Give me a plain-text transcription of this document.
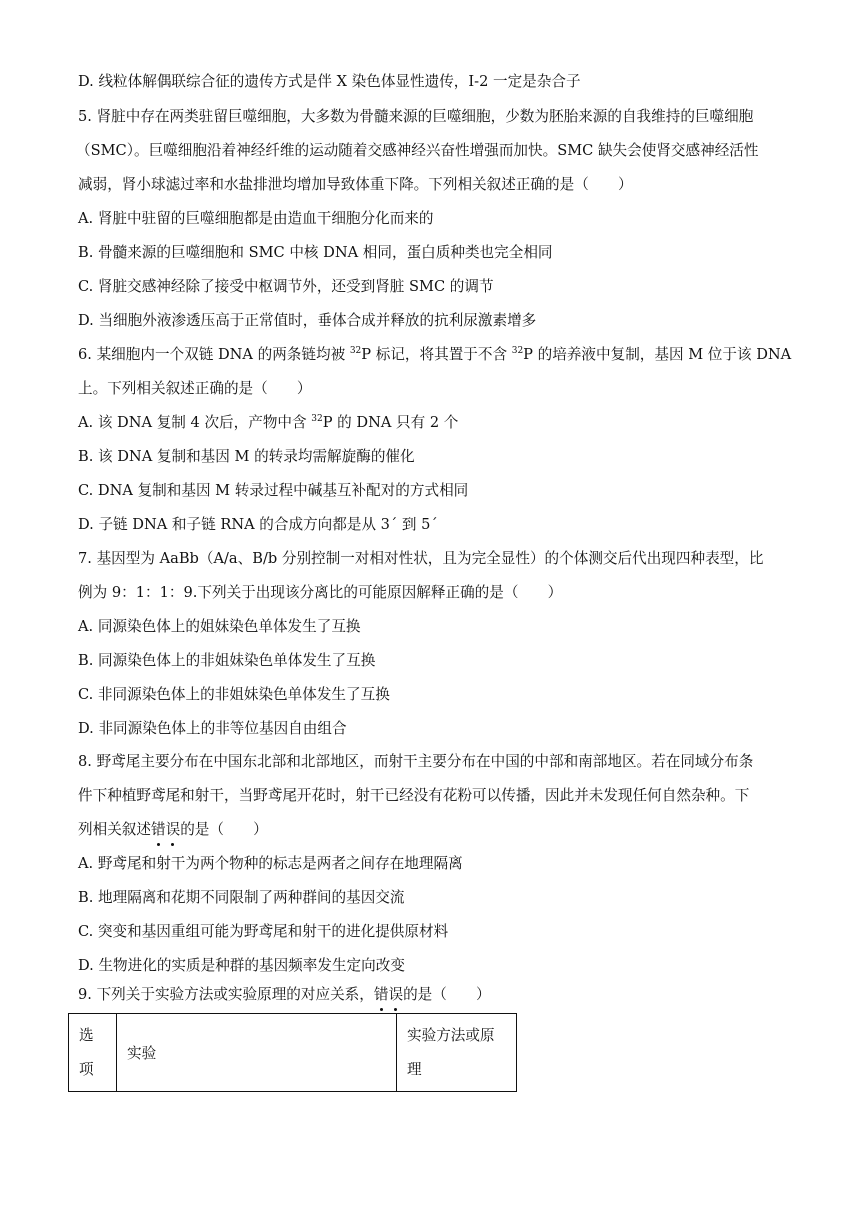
D. 线粒体解偶联综合征的遗传方式是伴 X 染色体显性遗传，Ⅰ-2 一定是杂合子
5. 肾脏中存在两类驻留巨噬细胞，大多数为骨髓来源的巨噬细胞，少数为胚胎来源的自我维持的巨噬细胞
（SMC）。巨噬细胞沿着神经纤维的运动随着交感神经兴奋性增强而加快。SMC 缺失会使肾交感神经活性
减弱，肾小球滤过率和水盐排泄均增加导致体重下降。下列相关叙述正确的是（　　）
A. 肾脏中驻留的巨噬细胞都是由造血干细胞分化而来的
B. 骨髓来源的巨噬细胞和 SMC 中核 DNA 相同，蛋白质种类也完全相同
C. 肾脏交感神经除了接受中枢调节外，还受到肾脏 SMC 的调节
D. 当细胞外液渗透压高于正常值时，垂体合成并释放的抗利尿激素增多
6. 某细胞内一个双链 DNA 的两条链均被 $^{32}$P 标记，将其置于不含 $^{32}$P 的培养液中复制，基因 M 位于该 DNA
上。下列相关叙述正确的是（　　）
A. 该 DNA 复制 4 次后，产物中含 $^{32}$P 的 DNA 只有 2 个
B. 该 DNA 复制和基因 M 的转录均需解旋酶的催化
C. DNA 复制和基因 M 转录过程中碱基互补配对的方式相同
D. 子链 DNA 和子链 RNA 的合成方向都是从 3´ 到 5´
7. 基因型为 AaBb（A/a、B/b 分别控制一对相对性状，且为完全显性）的个体测交后代出现四种表型，比
例为 9：1：1：9.下列关于出现该分离比的可能原因解释正确的是（　　）
A. 同源染色体上的姐妹染色单体发生了互换
B. 同源染色体上的非姐妹染色单体发生了互换
C. 非同源染色体上的非姐妹染色单体发生了互换
D. 非同源染色体上的非等位基因自由组合
8. 野鸢尾主要分布在中国东北部和北部地区，而射干主要分布在中国的中部和南部地区。若在同域分布条
件下种植野鸢尾和射干，当野鸢尾开花时，射干已经没有花粉可以传播，因此并未发现任何自然杂种。下
列相关叙述错误的是（　　）
A. 野鸢尾和射干为两个物种的标志是两者之间存在地理隔离
B. 地理隔离和花期不同限制了两种群间的基因交流
C. 突变和基因重组可能为野鸢尾和射干的进化提供原材料
D. 生物进化的实质是种群的基因频率发生定向改变
9. 下列关于实验方法或实验原理的对应关系，错误的是（　　）
选项	实验	实验方法或原理
